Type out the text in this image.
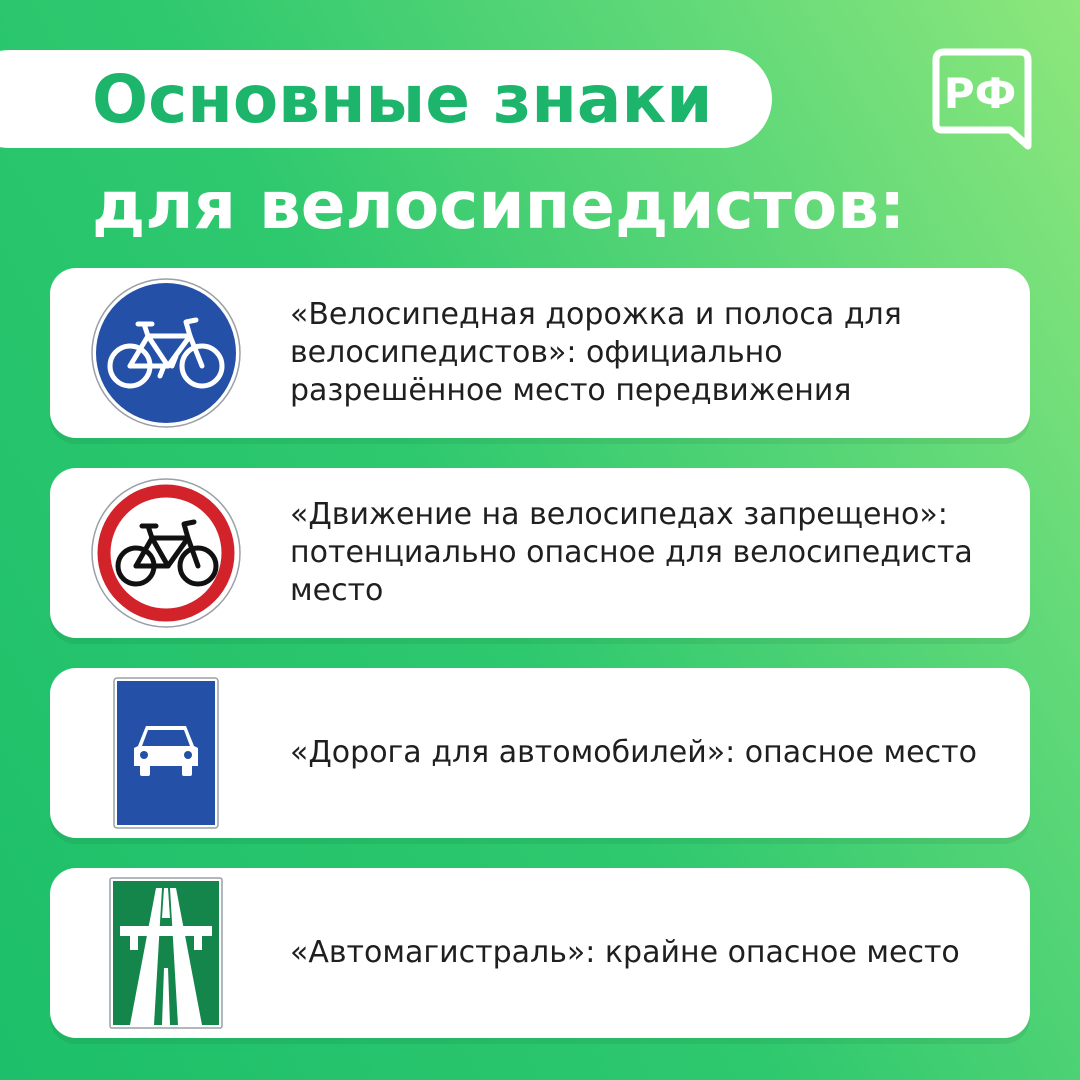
Основные знаки
для велосипедистов:
РФ
«Велосипедная дорожка и полоса для велосипедистов»: официально разрешённое место передвижения
«Движение на велосипедах запрещено»: потенциально опасное для велосипедиста место
«Дорога для автомобилей»: опасное место
«Автомагистраль»: крайне опасное место
